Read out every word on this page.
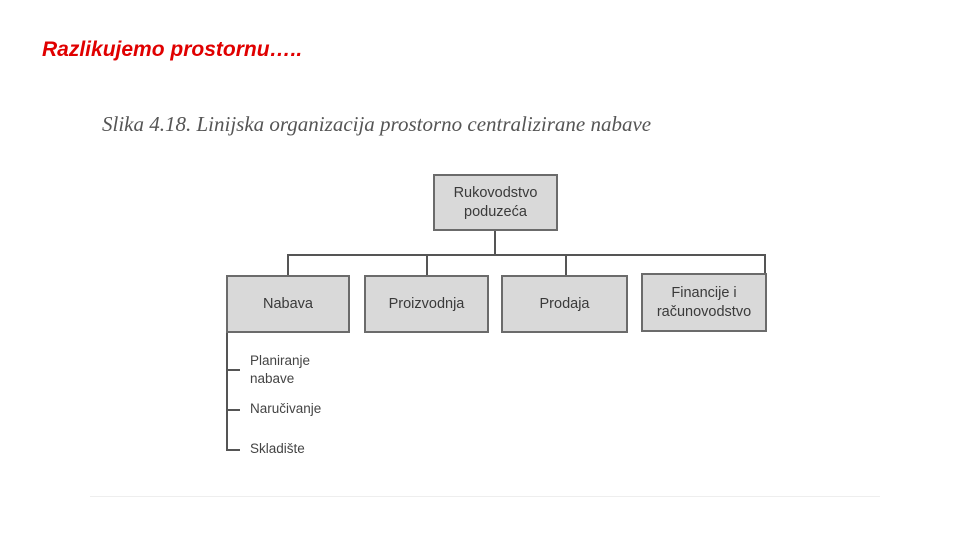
Razlikujemo prostornu…..
Slika 4.18. Linijska organizacija prostorno centralizirane nabave
Rukovodstvo
poduzeća
Nabava	Proizvodnja	Prodaja
Financije i
računovodstvo
Planiranje
nabave
Naručivanje
Skladište
